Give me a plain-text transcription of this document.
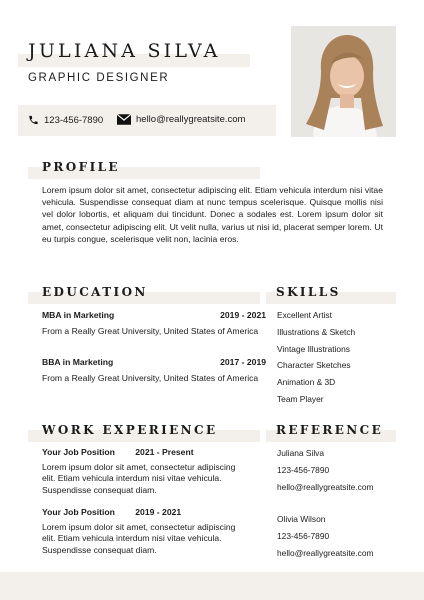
JULIANA SILVA
GRAPHIC DESIGNER
123-456-7890	hello@reallygreatsite.com
PROFILE
Lorem ipsum dolor sit amet, consectetur adipiscing elit. Etiam vehicula interdum nisi vitae vehicula. Suspendisse consequat diam at nunc tempus scelerisque. Quisque mollis nisi vel dolor lobortis, et aliquam dui tincidunt. Donec a sodales est. Lorem ipsum dolor sit amet, consectetur adipiscing elit. Ut velit nulla, varius ut nisi id, placerat semper lorem. Ut eu turpis congue, scelerisque velit non, lacinia eros.
EDUCATION
MBA in Marketing	2019 - 2021
From a Really Great University, United States of America
BBA in Marketing	2017 - 2019
From a Really Great University, United States of America
SKILLS
Excellent Artist
Illustrations & Sketch
Vintage Illustrations
Character Sketches
Animation & 3D
Team Player
WORK EXPERIENCE
Your Job Position 2021 - Present
Lorem ipsum dolor sit amet, consectetur adipiscing elit. Etiam vehicula interdum nisi vitae vehicula. Suspendisse consequat diam.
Your Job Position 2019 - 2021
Lorem ipsum dolor sit amet, consectetur adipiscing elit. Etiam vehicula interdum nisi vitae vehicula. Suspendisse consequat diam.
REFERENCE
Juliana Silva
123-456-7890
hello@reallygreatsite.com
Olivia Wilson
123-456-7890
hello@reallygreatsite.com
